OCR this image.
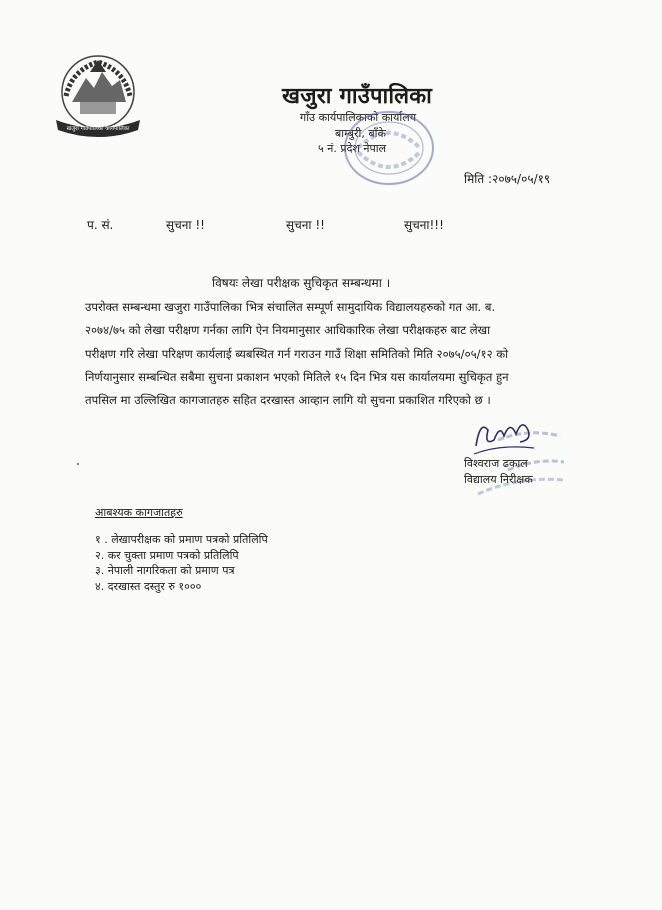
खजुरा गाउँपालिका कार्यपालिका
खजुरा गाउँपालिका
गाँउ कार्यपालिकाको कार्यालय
बाम्बुरी, बाँके
५ नं. प्रदेश नेपाल
मिति :२०७५/०५/१९
प. सं.	सुचना !!	सुचना !!	सुचना!!!
विषयः लेखा परीक्षक सुचिकृत सम्बन्धमा ।
उपरोक्त सम्बन्धमा खजुरा गाउँपालिका भित्र संचालित सम्पूर्ण सामुदायिक विद्यालयहरुको गत आ. ब.
२०७४/७५ को लेखा परीक्षण गर्नका लागि ऐन नियमानुसार आधिकारिक लेखा परीक्षकहरु बाट लेखा
परीक्षण गरि लेखा परिक्षण कार्यलाई ब्यबस्थित गर्न गराउन गाउँ शिक्षा समितिको मिति २०७५/०५/१२ को
निर्णयानुसार सम्बन्धित सबैमा सुचना प्रकाशन भएको मितिले १५ दिन भित्र यस कार्यालयमा सुचिकृत हुन
तपसिल मा उल्लिखित कागजातहरु सहित दरखास्त आव्हान लागि यो सुचना प्रकाशित गरिएको छ ।
विश्वराज ढकाल
विद्यालय निरीक्षक
आबश्यक कागजातहरु
१ . लेखापरीक्षक को प्रमाण पत्रको प्रतिलिपि
२. कर चुक्ता प्रमाण पत्रको प्रतिलिपि
३. नेपाली नागरिकता को प्रमाण पत्र
४. दरखास्त दस्तुर रु १०००
